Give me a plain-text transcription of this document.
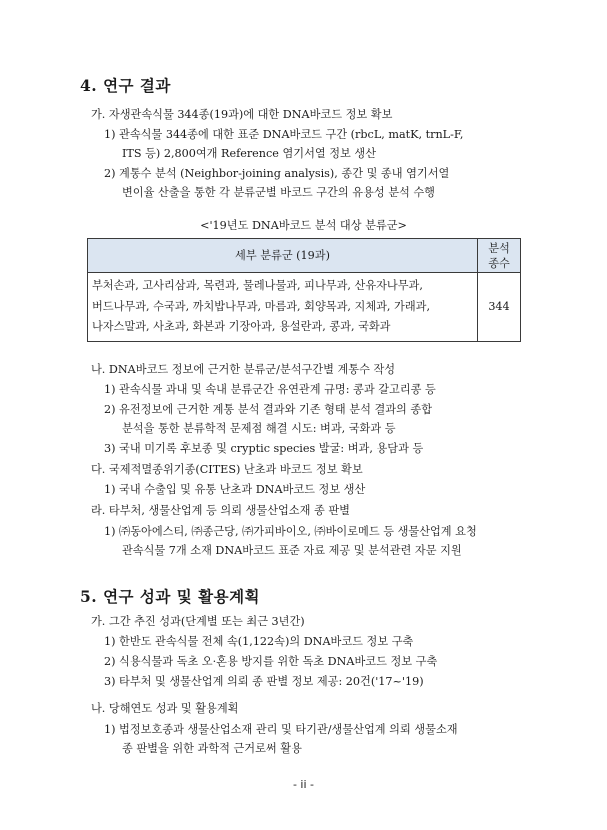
4. 연구 결과
가. 자생관속식물 344종(19과)에 대한 DNA바코드 정보 확보
1) 관속식물 344종에 대한 표준 DNA바코드 구간 (rbcL, matK, trnL-F,
ITS 등) 2,800여개 Reference 염기서열 정보 생산
2) 계통수 분석 (Neighbor-joining analysis), 종간 및 종내 염기서열
변이율 산출을 통한 각 분류군별 바코드 구간의 유용성 분석 수행
<'19년도 DNA바코드 분석 대상 분류군>
세부 분류군 (19과)	분석
종수

부처손과, 고사리삼과, 목련과, 물레나물과, 피나무과, 산유자나무과,
버드나무과, 수국과, 까치밥나무과, 마름과, 회양목과, 지체과, 가래과,
나자스말과, 사초과, 화본과 기장아과, 용설란과, 콩과, 국화과	344
나. DNA바코드 정보에 근거한 분류군/분석구간별 계통수 작성
1) 관속식물 과내 및 속내 분류군간 유연관계 규명: 콩과 갈고리콩 등
2) 유전정보에 근거한 계통 분석 결과와 기존 형태 분석 결과의 종합
분석을 통한 분류학적 문제점 해결 시도: 벼과, 국화과 등
3) 국내 미기록 후보종 및 cryptic species 발굴: 벼과, 용담과 등
다. 국제적멸종위기종(CITES) 난초과 바코드 정보 확보
1) 국내 수출입 및 유통 난초과 DNA바코드 정보 생산
라. 타부처, 생물산업계 등 의뢰 생물산업소재 종 판별
1) ㈜동아에스티, ㈜종근당, ㈜가피바이오, ㈜바이로메드 등 생물산업계 요청
관속식물 7개 소재 DNA바코드 표준 자료 제공 및 분석관련 자문 지원
5. 연구 성과 및 활용계획
가. 그간 추진 성과(단계별 또는 최근 3년간)
1) 한반도 관속식물 전체 속(1,122속)의 DNA바코드 정보 구축
2) 식용식물과 독초 오·혼용 방지를 위한 독초 DNA바코드 정보 구축
3) 타부처 및 생물산업계 의뢰 종 판별 정보 제공: 20건('17~'19)
나. 당해연도 성과 및 활용계획
1) 법정보호종과 생물산업소재 관리 및 타기관/생물산업계 의뢰 생물소재
종 판별을 위한 과학적 근거로써 활용
- ii -
